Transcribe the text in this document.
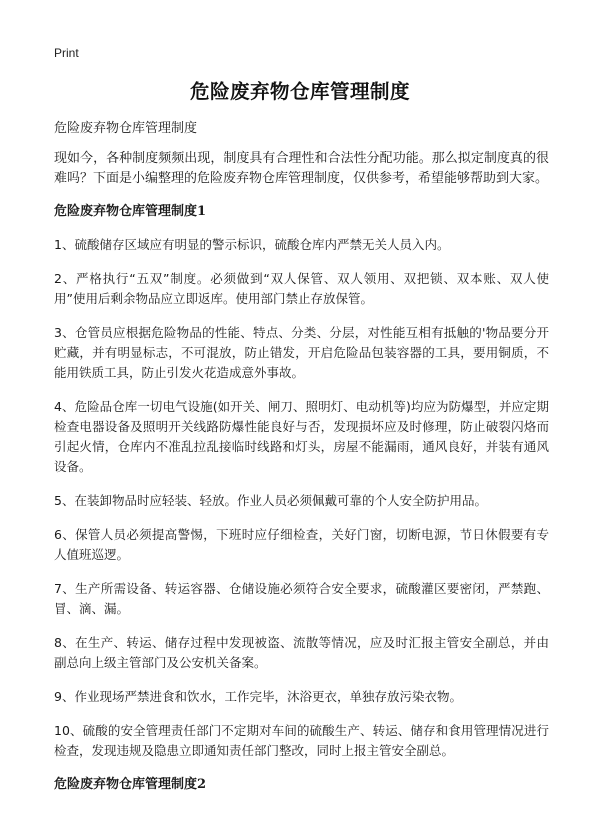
Print
危险废弃物仓库管理制度
危险废弃物仓库管理制度
现如今，各种制度频频出现，制度具有合理性和合法性分配功能。那么拟定制度真的很难吗？下面是小编整理的危险废弃物仓库管理制度，仅供参考，希望能够帮助到大家。
危险废弃物仓库管理制度1
1、硫酸储存区域应有明显的警示标识，硫酸仓库内严禁无关人员入内。
2、严格执行“五双”制度。必须做到“双人保管、双人领用、双把锁、双本账、双人使用”使用后剩余物品应立即返库。使用部门禁止存放保管。
3、仓管员应根据危险物品的性能、特点、分类、分层，对性能互相有抵触的'物品要分开贮藏，并有明显标志，不可混放，防止错发，开启危险品包装容器的工具，要用铜质，不能用铁质工具，防止引发火花造成意外事故。
4、危险品仓库一切电气设施(如开关、闸刀、照明灯、电动机等)均应为防爆型，并应定期检查电器设备及照明开关线路防爆性能良好与否，发现损坏应及时修理，防止破裂闪烙而引起火情，仓库内不准乱拉乱接临时线路和灯头，房屋不能漏雨，通风良好，并装有通风设备。
5、在装卸物品时应轻装、轻放。作业人员必须佩戴可靠的个人安全防护用品。
6、保管人员必须提高警惕，下班时应仔细检查，关好门窗，切断电源，节日休假要有专人值班巡逻。
7、生产所需设备、转运容器、仓储设施必须符合安全要求，硫酸灌区要密闭，严禁跑、冒、滴、漏。
8、在生产、转运、储存过程中发现被盗、流散等情况，应及时汇报主管安全副总，并由副总向上级主管部门及公安机关备案。
9、作业现场严禁进食和饮水，工作完毕，沐浴更衣，单独存放污染衣物。
10、硫酸的安全管理责任部门不定期对车间的硫酸生产、转运、储存和食用管理情况进行检查，发现违规及隐患立即通知责任部门整改，同时上报主管安全副总。
危险废弃物仓库管理制度2
